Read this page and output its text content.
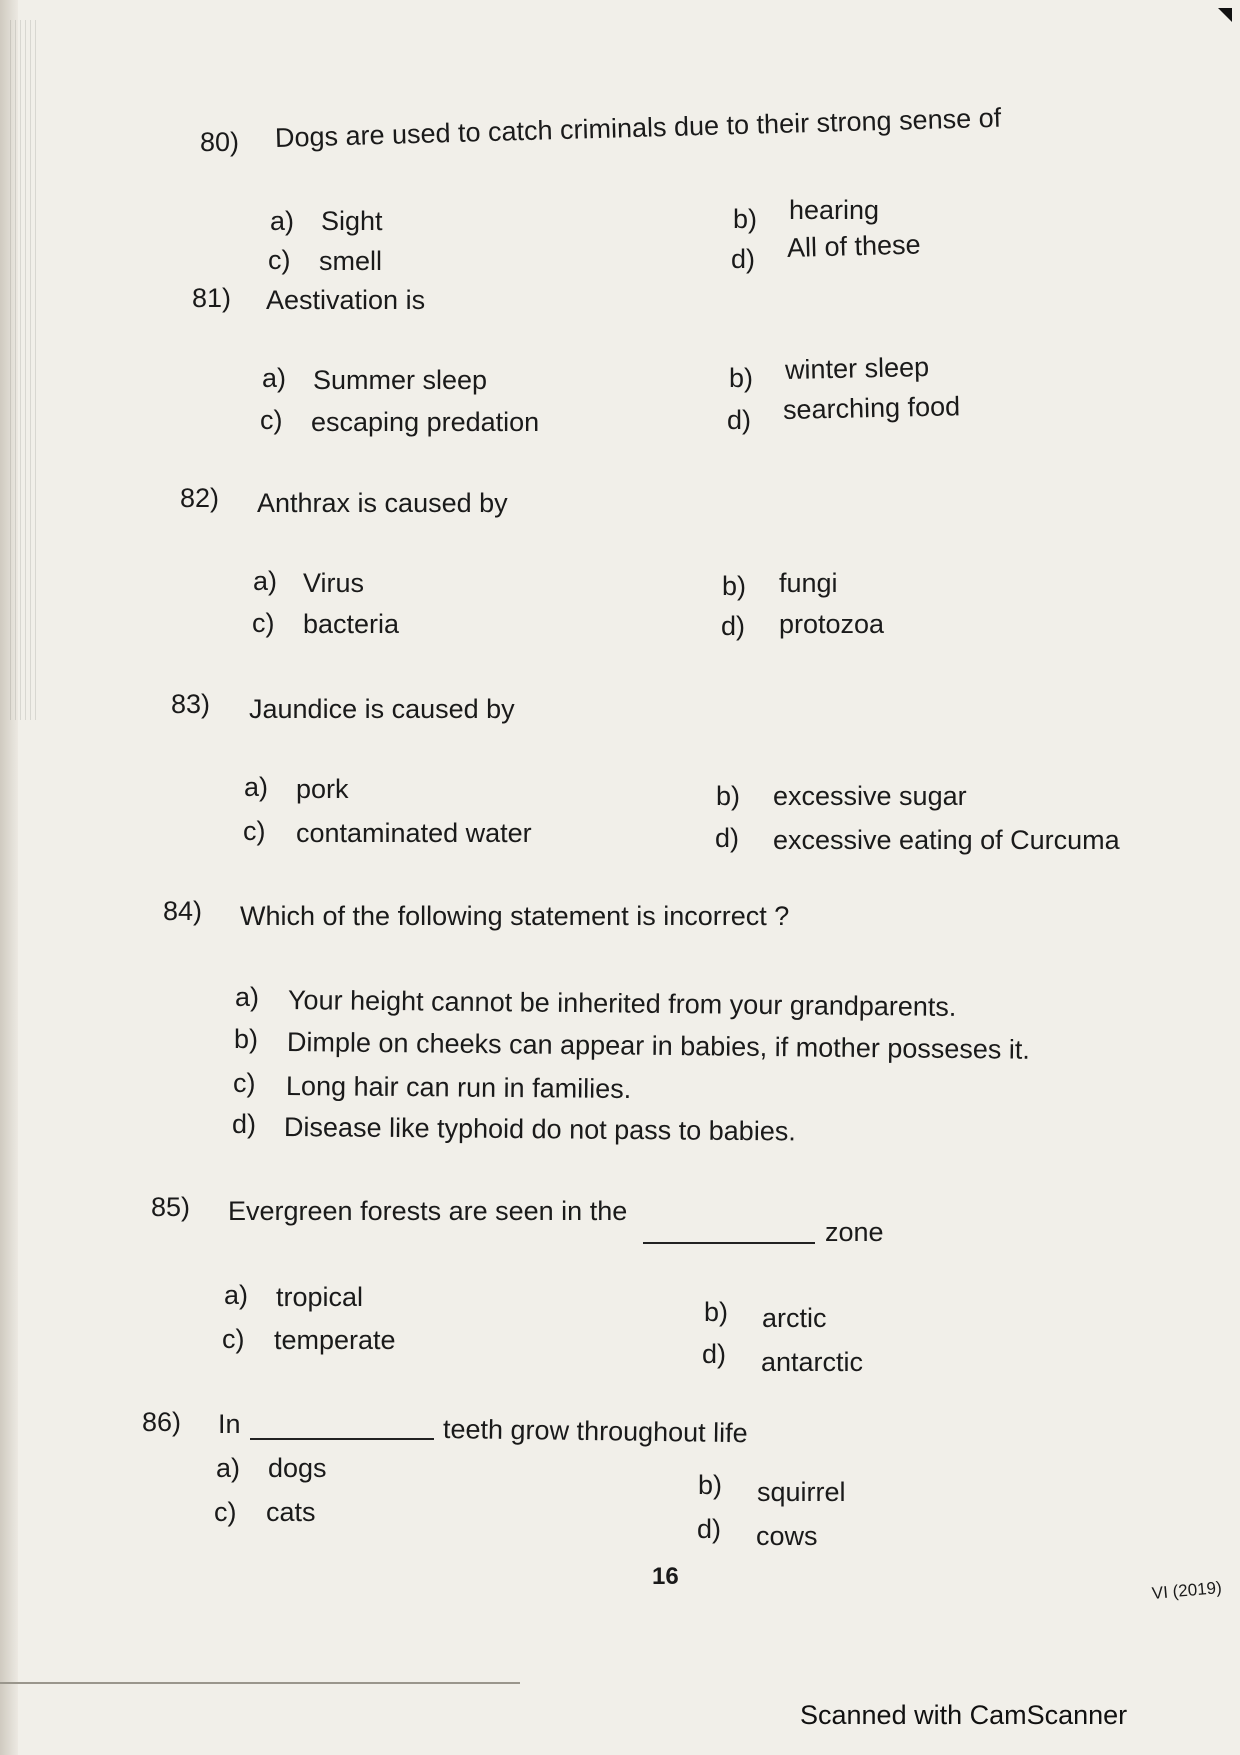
80) Dogs are used to catch criminals due to their strong sense of
a) Sight	b) hearing
c) smell	d) All of these
81) Aestivation is
a) Summer sleep	b) winter sleep
c) escaping predation	d) searching food
82) Anthrax is caused by
a) Virus	b) fungi
c) bacteria	d) protozoa
83) Jaundice is caused by
a) pork	b) excessive sugar
c) contaminated water	d) excessive eating of Curcuma
84) Which of the following statement is incorrect ?
a) Your height cannot be inherited from your grandparents.
b) Dimple on cheeks can appear in babies, if mother posseses it.
c) Long hair can run in families.
d) Disease like typhoid do not pass to babies.
85) Evergreen forests are seen in the
zone
a) tropical	b) arctic
c) temperate	d) antarctic
86) In	teeth grow throughout life
a) dogs
b) squirrel
c) cats
d) cows
16
VI (2019)
Scanned with CamScanner
